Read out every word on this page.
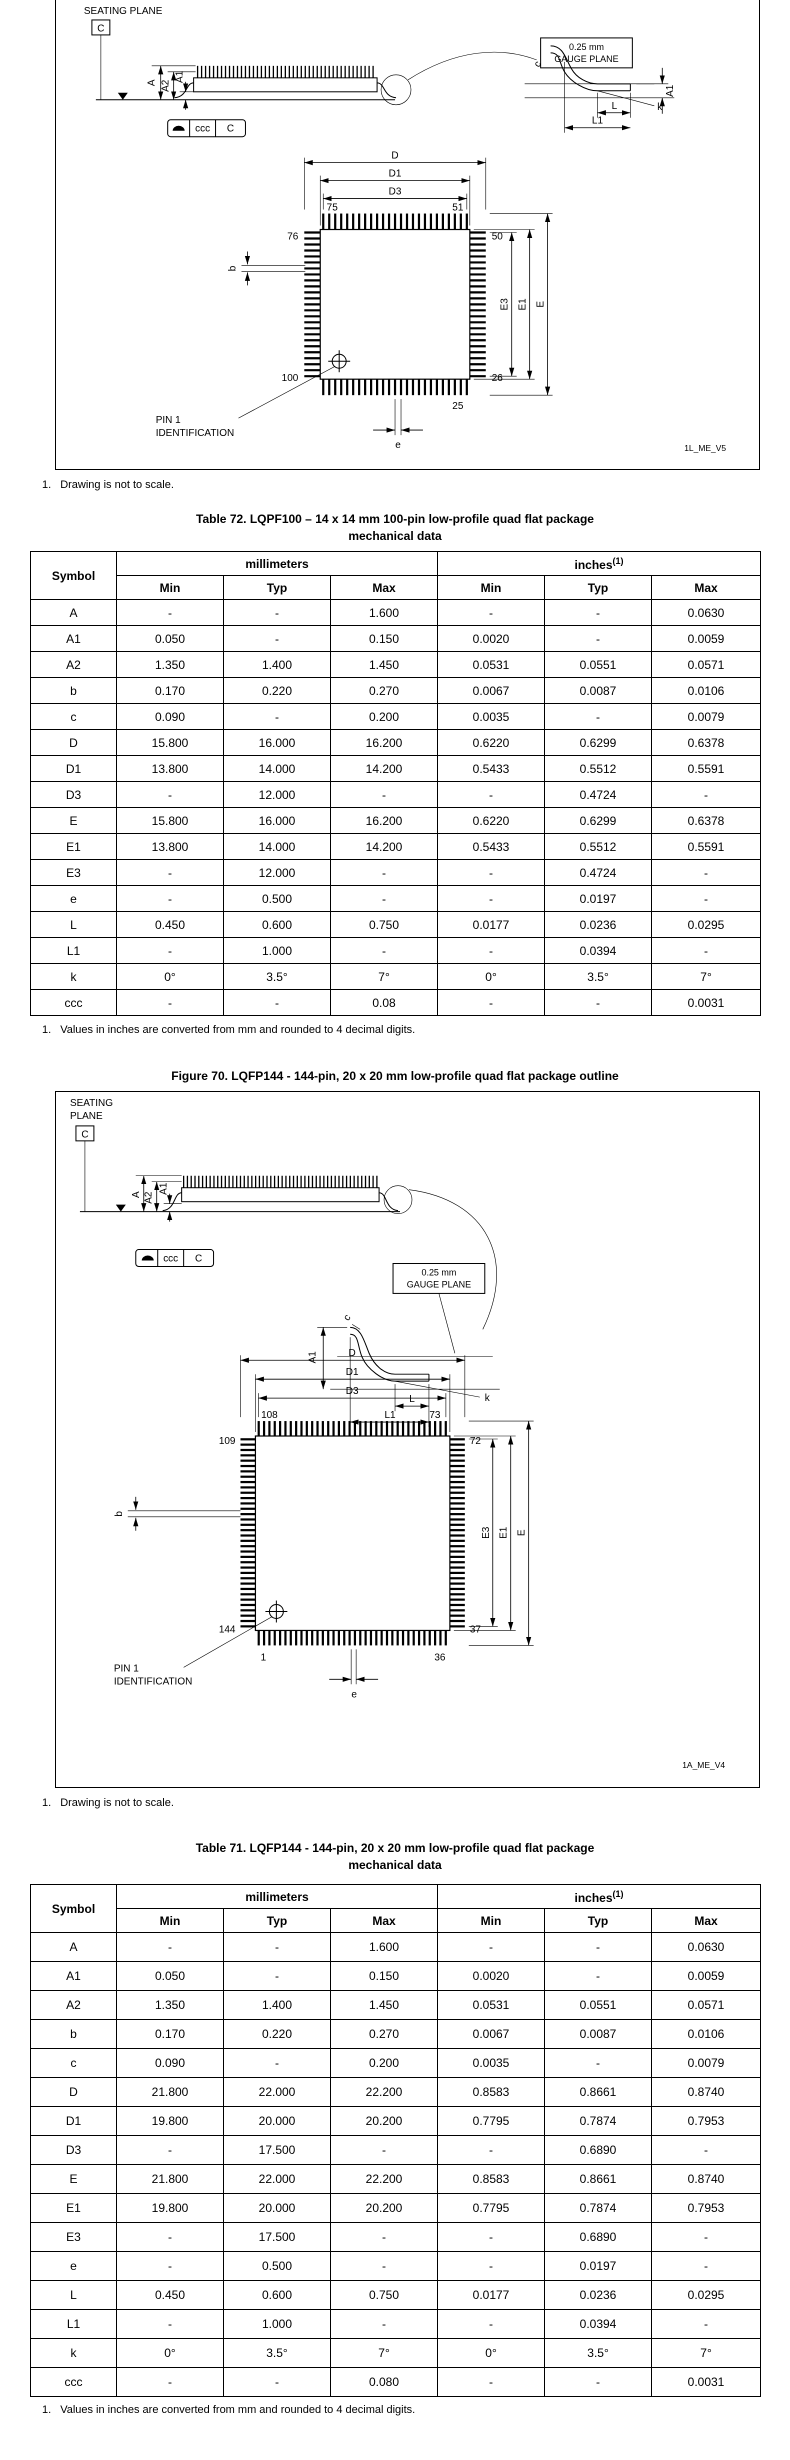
SEATING PLANE
C
A A2
A1
ccc C
0.25 mm
GAUGE PLANE
c
k
L
L1
A1
D
D1
D3
E3 E1 E
76
75	51
50
26
25
100
PIN 1
IDENTIFICATION
e
b
1L_ME_V5
1. Drawing is not to scale.
Table 72. LQPF100 – 14 x 14 mm 100-pin low-profile quad flat package
mechanical data
Symbol	millimeters			inches$^{(1)}$
	Min	Typ	Max	Min	Typ	Max
A	-	-	1.600	-	-	0.0630
A1	0.050	-	0.150	0.0020	-	0.0059
A2	1.350	1.400	1.450	0.0531	0.0551	0.0571
b	0.170	0.220	0.270	0.0067	0.0087	0.0106
c	0.090	-	0.200	0.0035	-	0.0079
D	15.800	16.000	16.200	0.6220	0.6299	0.6378
D1	13.800	14.000	14.200	0.5433	0.5512	0.5591
D3	-	12.000	-	-	0.4724	-
E	15.800	16.000	16.200	0.6220	0.6299	0.6378
E1	13.800	14.000	14.200	0.5433	0.5512	0.5591
E3	-	12.000	-	-	0.4724	-
e	-	0.500	-	-	0.0197	-
L	0.450	0.600	0.750	0.0177	0.0236	0.0295
L1	-	1.000	-	-	0.0394	-
k	0°	3.5°	7°	0°	3.5°	7°
ccc	-	-	0.08	-	-	0.0031
1. Values in inches are converted from mm and rounded to 4 decimal digits.
Figure 70. LQFP144 - 144-pin, 20 x 20 mm low-profile quad flat package outline
SEATING
PLANE
C
A A2
A1
ccc C
0.25 mm
GAUGE PLANE
A1
c
k
L
L1
D
D1
D3
108	73
109	72
144	37
1	36
PIN 1
IDENTIFICATION
E3 E1 E
e
b
1A_ME_V4
1. Drawing is not to scale.
Table 71. LQFP144 - 144-pin, 20 x 20 mm low-profile quad flat package
mechanical data
Symbol	millimeters			inches$^{(1)}$
	Min	Typ	Max	Min	Typ	Max
A	-	-	1.600	-	-	0.0630
A1	0.050	-	0.150	0.0020	-	0.0059
A2	1.350	1.400	1.450	0.0531	0.0551	0.0571
b	0.170	0.220	0.270	0.0067	0.0087	0.0106
c	0.090	-	0.200	0.0035	-	0.0079
D	21.800	22.000	22.200	0.8583	0.8661	0.8740
D1	19.800	20.000	20.200	0.7795	0.7874	0.7953
D3	-	17.500	-	-	0.6890	-
E	21.800	22.000	22.200	0.8583	0.8661	0.8740
E1	19.800	20.000	20.200	0.7795	0.7874	0.7953
E3	-	17.500	-	-	0.6890	-
e	-	0.500	-	-	0.0197	-
L	0.450	0.600	0.750	0.0177	0.0236	0.0295
L1	-	1.000	-	-	0.0394	-
k	0°	3.5°	7°	0°	3.5°	7°
ccc	-	-	0.080	-	-	0.0031
1. Values in inches are converted from mm and rounded to 4 decimal digits.
